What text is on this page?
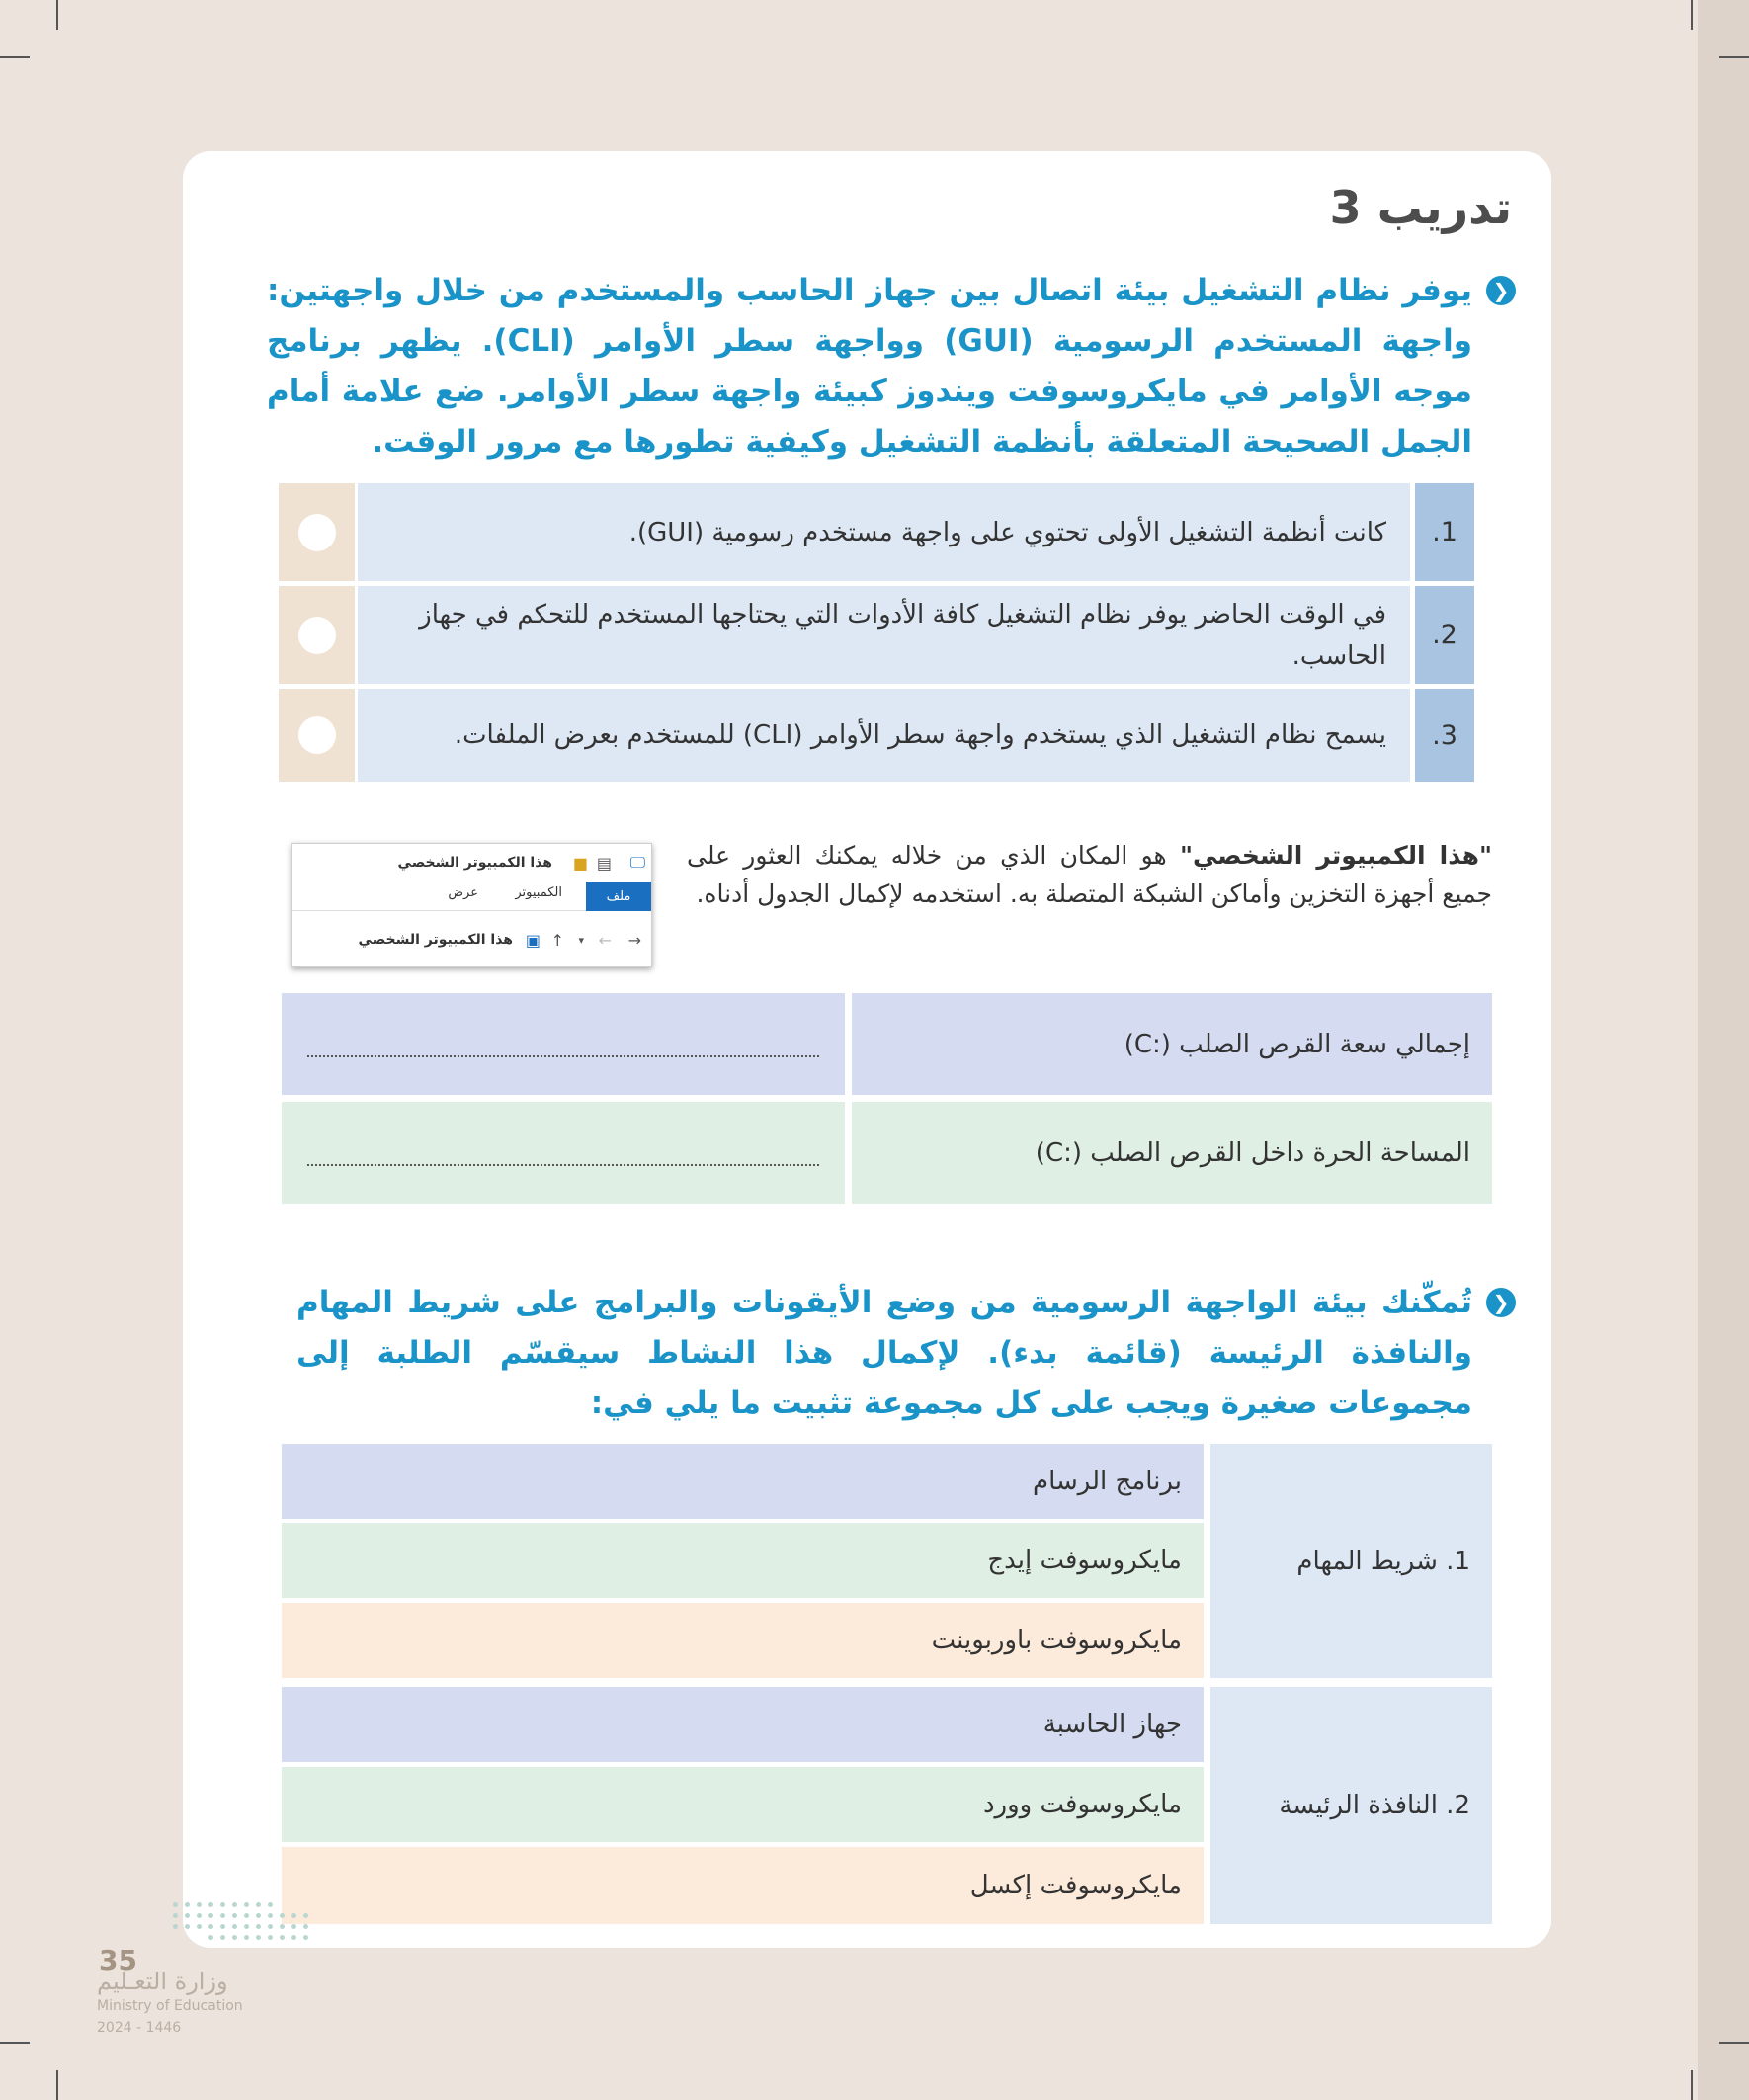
تدريب 3
❮
يوفر نظام التشغيل بيئة اتصال بين جهاز الحاسب والمستخدم من خلال واجهتين: واجهة المستخدم الرسومية (GUI) وواجهة سطر الأوامر (CLI). يظهر برنامج موجه الأوامر في مايكروسوفت ويندوز كبيئة واجهة سطر الأوامر. ضع علامة أمام الجمل الصحيحة المتعلقة بأنظمة التشغيل وكيفية تطورها مع مرور الوقت.
1.
كانت أنظمة التشغيل الأولى تحتوي على واجهة مستخدم رسومية (GUI).
2.
في الوقت الحاضر يوفر نظام التشغيل كافة الأدوات التي يحتاجها المستخدم للتحكم في جهاز الحاسب.
3.
يسمح نظام التشغيل الذي يستخدم واجهة سطر الأوامر (CLI) للمستخدم بعرض الملفات.
"هذا الكمبيوتر الشخصي" هو المكان الذي من خلاله يمكنك العثور على جميع أجهزة التخزين وأماكن الشبكة المتصلة به. استخدمه لإكمال الجدول أدناه.
🖵
▤
■
هذا الكمبيوتر الشخصي
ملف
الكمبيوتر
عرض
→
←
▾
↑
▣
هذا الكمبيوتر الشخصي
إجمالي سعة القرص الصلب (:C)
المساحة الحرة داخل القرص الصلب (:C)
❮
تُمكّنك بيئة الواجهة الرسومية من وضع الأيقونات والبرامج على شريط المهام والنافذة الرئيسة (قائمة بدء). لإكمال هذا النشاط سيقسّم الطلبة إلى مجموعات صغيرة ويجب على كل مجموعة تثبيت ما يلي في:
1. شريط المهام
برنامج الرسام
مايكروسوفت إيدج
مايكروسوفت باوربوينت
2. النافذة الرئيسة
جهاز الحاسبة
مايكروسوفت وورد
مايكروسوفت إكسل
35
وزارة التعـليم
Ministry of Education
2024 - 1446
